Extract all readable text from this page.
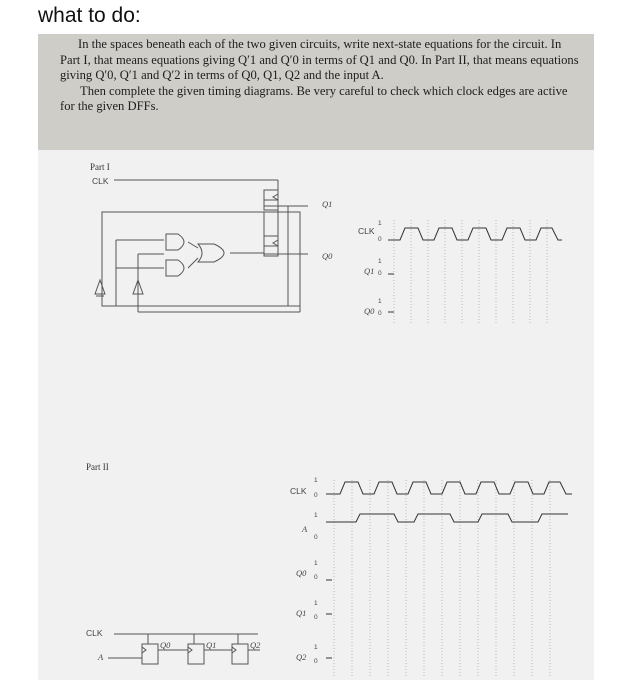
what to do:

In the spaces beneath each of the two given circuits, write next-state equations for the circuit. In Part I, that means equations giving Q′1 and Q′0 in terms of Q1 and Q0. In Part II, that means equations giving Q′0, Q′1 and Q′2 in terms of Q0, Q1, Q2 and the input A.

Then complete the given timing diagrams. Be very careful to check which clock edges are active for the given DFFs.

Part I
CLK
Q1
Q0
CLK
1
0
Q1
1
0
Q0
1
0
Part II
CLK
A
Q0	Q1	Q2
CLK
1
0
A
1
0
Q0
1
0
Q1
1
0
Q2
1
0
